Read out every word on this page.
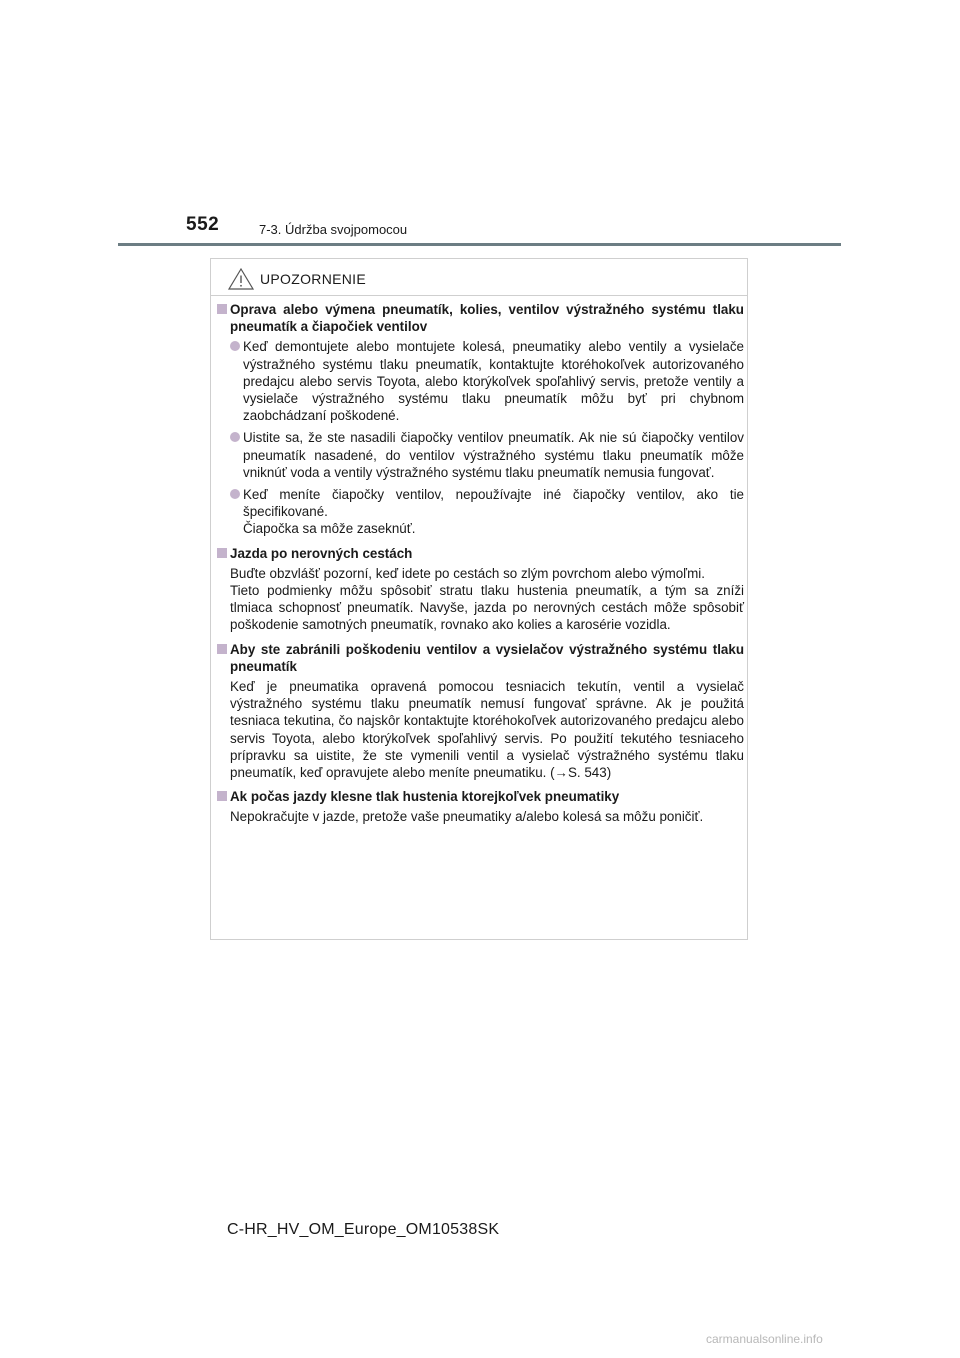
552	7-3. Údržba svojpomocou
UPOZORNENIE
Oprava alebo výmena pneumatík, kolies, ventilov výstražného systému tlaku pneumatík a čiapočiek ventilov
Keď demontujete alebo montujete kolesá, pneumatiky alebo ventily a vysielače výstražného systému tlaku pneumatík, kontaktujte ktoréhokoľvek autorizovaného predajcu alebo servis Toyota, alebo ktorýkoľvek spoľahlivý servis, pretože ventily a vysielače výstražného systému tlaku pneumatík môžu byť pri chybnom zaobchádzaní poškodené.
Uistite sa, že ste nasadili čiapočky ventilov pneumatík. Ak nie sú čiapočky ventilov pneumatík nasadené, do ventilov výstražného systému tlaku pneumatík môže vniknúť voda a ventily výstražného systému tlaku pneumatík nemusia fungovať.
Keď meníte čiapočky ventilov, nepoužívajte iné čiapočky ventilov, ako tie špecifikované.
Čiapočka sa môže zaseknúť.
Jazda po nerovných cestách
Buďte obzvlášť pozorní, keď idete po cestách so zlým povrchom alebo výmoľmi.
Tieto podmienky môžu spôsobiť stratu tlaku hustenia pneumatík, a tým sa zníži tlmiaca schopnosť pneumatík. Navyše, jazda po nerovných cestách môže spôsobiť poškodenie samotných pneumatík, rovnako ako kolies a karosérie vozidla.
Aby ste zabránili poškodeniu ventilov a vysielačov výstražného systému tlaku pneumatík
Keď je pneumatika opravená pomocou tesniacich tekutín, ventil a vysielač výstražného systému tlaku pneumatík nemusí fungovať správne. Ak je použitá tesniaca tekutina, čo najskôr kontaktujte ktoréhokoľvek autorizovaného predajcu alebo servis Toyota, alebo ktorýkoľvek spoľahlivý servis. Po použití tekutého tesniaceho prípravku sa uistite, že ste vymenili ventil a vysielač výstražného systému tlaku pneumatík, keď opravujete alebo meníte pneumatiku. (→S. 543)
Ak počas jazdy klesne tlak hustenia ktorejkoľvek pneumatiky
Nepokračujte v jazde, pretože vaše pneumatiky a/alebo kolesá sa môžu poničiť.
C-HR_HV_OM_Europe_OM10538SK
carmanualsonline.info
